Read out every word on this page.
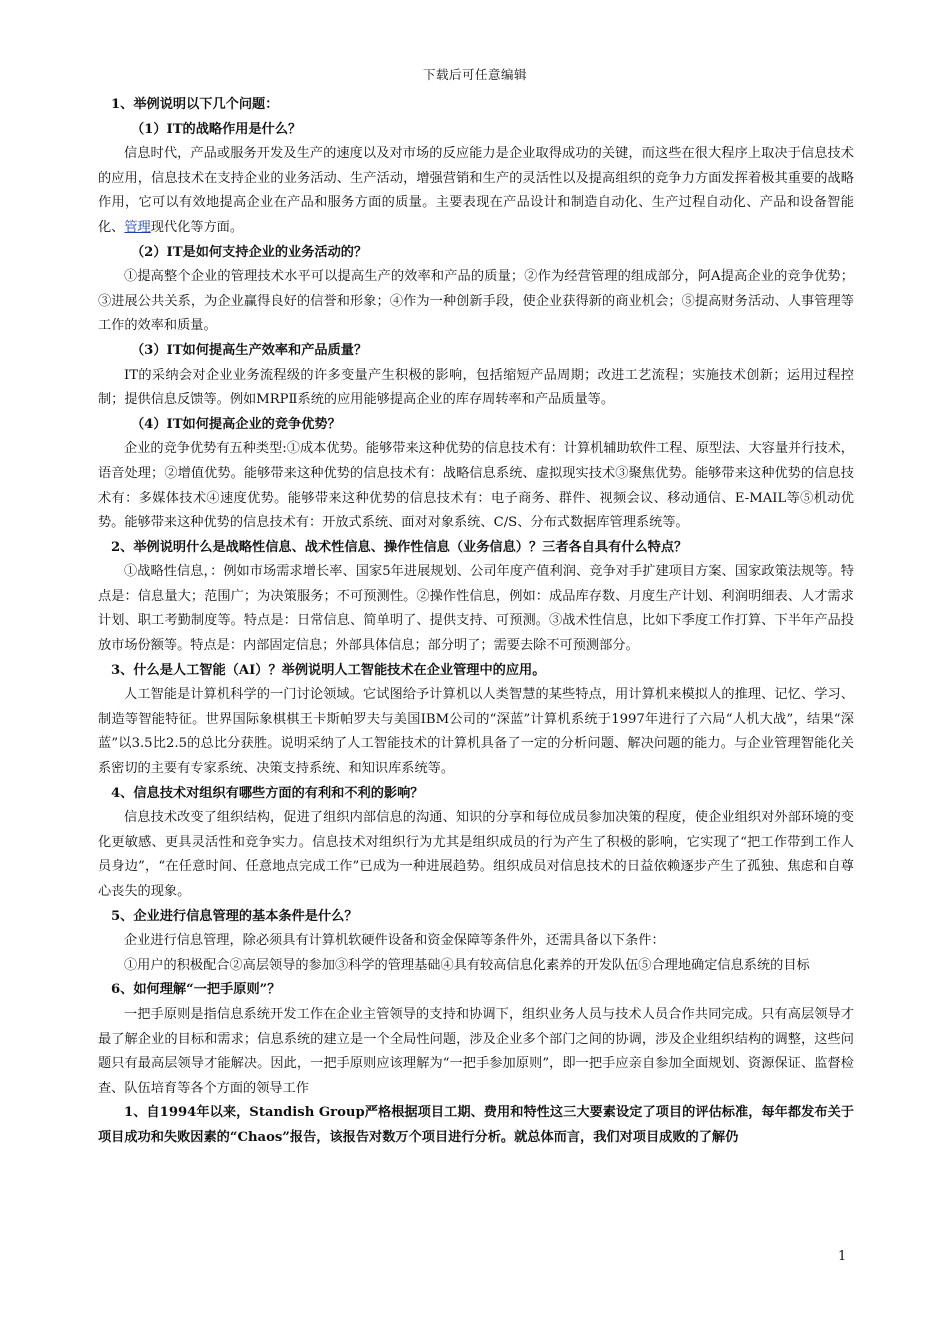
下载后可任意编辑

1、举例说明以下几个问题：

（1）IT的战略作用是什么？

信息时代，产品或服务开发及生产的速度以及对市场的反应能力是企业取得成功的关键，而这些在很大程序上取决于信息技术的应用，信息技术在支持企业的业务活动、生产活动，增强营销和生产的灵活性以及提高组织的竞争力方面发挥着极其重要的战略作用，它可以有效地提高企业在产品和服务方面的质量。主要表现在产品设计和制造自动化、生产过程自动化、产品和设备智能化、管理现代化等方面。

（2）IT是如何支持企业的业务活动的？

①提高整个企业的管理技术水平可以提高生产的效率和产品的质量；②作为经营管理的组成部分，阿A提高企业的竞争优势；③进展公共关系，为企业赢得良好的信誉和形象；④作为一种创新手段，使企业获得新的商业机会；⑤提高财务活动、人事管理等工作的效率和质量。

（3）IT如何提高生产效率和产品质量？

IT的采纳会对企业业务流程级的许多变量产生积极的影响，包括缩短产品周期；改进工艺流程；实施技术创新；运用过程控制；提供信息反馈等。例如MRPⅡ系统的应用能够提高企业的库存周转率和产品质量等。

（4）IT如何提高企业的竞争优势？

企业的竞争优势有五种类型:①成本优势。能够带来这种优势的信息技术有：计算机辅助软件工程、原型法、大容量并行技术，语音处理；②增值优势。能够带来这种优势的信息技术有：战略信息系统、虚拟现实技术③聚焦优势。能够带来这种优势的信息技术有：多媒体技术④速度优势。能够带来这种优势的信息技术有：电子商务、群件、视频会议、移动通信、E-MAIL等⑤机动优势。能够带来这种优势的信息技术有：开放式系统、面对对象系统、C/S、分布式数据库管理系统等。

2、举例说明什么是战略性信息、战术性信息、操作性信息（业务信息）？三者各自具有什么特点？

①战略性信息，：例如市场需求增长率、国家5年进展规划、公司年度产值利润、竞争对手扩建项目方案、国家政策法规等。特点是：信息量大；范围广；为决策服务；不可预测性。②操作性信息，例如：成品库存数、月度生产计划、利润明细表、人才需求计划、职工考勤制度等。特点是：日常信息、简单明了、提供支持、可预测。③战术性信息，比如下季度工作打算、下半年产品投放市场份额等。特点是：内部固定信息；外部具体信息；部分明了；需要去除不可预测部分。

3、什么是人工智能（AI）？举例说明人工智能技术在企业管理中的应用。

人工智能是计算机科学的一门讨论领域。它试图给予计算机以人类智慧的某些特点，用计算机来模拟人的推理、记忆、学习、制造等智能特征。世界国际象棋棋王卡斯帕罗夫与美国IBM公司的“深蓝”计算机系统于1997年进行了六局“人机大战”，结果“深蓝”以3.5比2.5的总比分获胜。说明采纳了人工智能技术的计算机具备了一定的分析问题、解决问题的能力。与企业管理智能化关系密切的主要有专家系统、决策支持系统、和知识库系统等。

4、信息技术对组织有哪些方面的有利和不利的影响？

信息技术改变了组织结构，促进了组织内部信息的沟通、知识的分享和每位成员参加决策的程度，使企业组织对外部环境的变化更敏感、更具灵活性和竞争实力。信息技术对组织行为尤其是组织成员的行为产生了积极的影响，它实现了“把工作带到工作人员身边”，“在任意时间、任意地点完成工作”已成为一种进展趋势。组织成员对信息技术的日益依赖逐步产生了孤独、焦虑和自尊心丧失的现象。

5、企业进行信息管理的基本条件是什么？

企业进行信息管理，除必须具有计算机软硬件设备和资金保障等条件外，还需具备以下条件：

①用户的积极配合②高层领导的参加③科学的管理基础④具有较高信息化素养的开发队伍⑤合理地确定信息系统的目标

6、如何理解“一把手原则”？

一把手原则是指信息系统开发工作在企业主管领导的支持和协调下，组织业务人员与技术人员合作共同完成。只有高层领导才最了解企业的目标和需求；信息系统的建立是一个全局性问题，涉及企业多个部门之间的协调，涉及企业组织结构的调整，这些问题只有最高层领导才能解决。因此，一把手原则应该理解为“一把手参加原则”，即一把手应亲自参加全面规划、资源保证、监督检查、队伍培育等各个方面的领导工作

1、自1994年以来，Standish Group严格根据项目工期、费用和特性这三大要素设定了项目的评估标准，每年都发布关于项目成功和失败因素的“Chaos”报告，该报告对数万个项目进行分析。就总体而言，我们对项目成败的了解仍

1
